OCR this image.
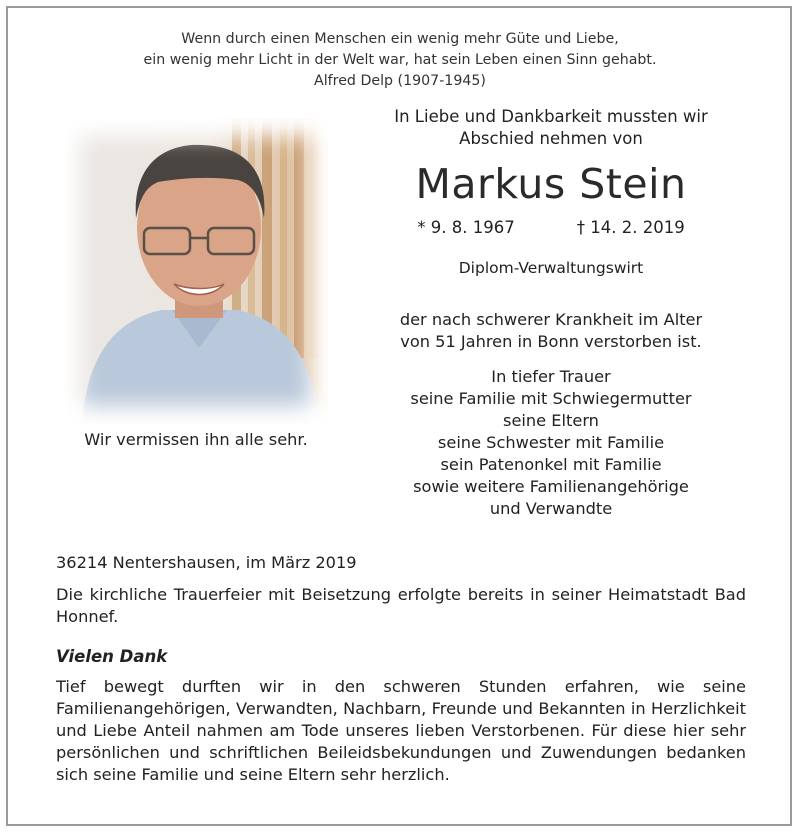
Wenn durch einen Menschen ein wenig mehr Güte und Liebe,
ein wenig mehr Licht in der Welt war, hat sein Leben einen Sinn gehabt.
Alfred Delp (1907-1945)
Wir vermissen ihn alle sehr.
In Liebe und Dankbarkeit mussten wir
Abschied nehmen von
Markus Stein
* 9. 8. 1967	† 14. 2. 2019
Diplom-Verwaltungswirt
der nach schwerer Krankheit im Alter
von 51 Jahren in Bonn verstorben ist.
In tiefer Trauer
seine Familie mit Schwiegermutter
seine Eltern
seine Schwester mit Familie
sein Patenonkel mit Familie
sowie weitere Familienangehörige
und Verwandte
36214 Nentershausen, im März 2019
Die kirchliche Trauerfeier mit Beisetzung erfolgte bereits in seiner Heimatstadt Bad Honnef.
Vielen Dank
Tief bewegt durften wir in den schweren Stunden erfahren, wie seine Familienangehörigen, Verwandten, Nachbarn, Freunde und Bekannten in Herzlichkeit und Liebe Anteil nahmen am Tode unseres lieben Verstorbenen. Für diese hier sehr persönlichen und schriftlichen Beileidsbekundungen und Zuwendungen bedanken sich seine Familie und seine Eltern sehr herzlich.
